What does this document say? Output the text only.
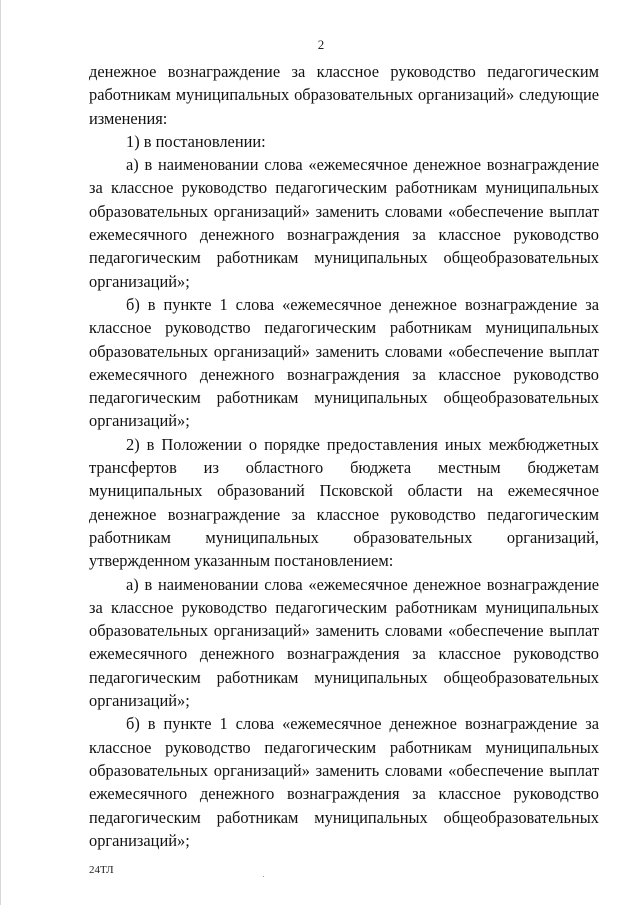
2

денежное вознаграждение за классное руководство педагогическим работникам муниципальных образовательных организаций» следующие изменения:

1) в постановлении:

а) в наименовании слова «ежемесячное денежное вознаграждение за классное руководство педагогическим работникам муниципальных образовательных организаций» заменить словами «обеспечение выплат ежемесячного денежного вознаграждения за классное руководство педагогическим работникам муниципальных общеобразовательных организаций»;

б) в пункте 1 слова «ежемесячное денежное вознаграждение за классное руководство педагогическим работникам муниципальных образовательных организаций» заменить словами «обеспечение выплат ежемесячного денежного вознаграждения за классное руководство педагогическим работникам муниципальных общеобразовательных организаций»;

2) в Положении о порядке предоставления иных межбюджетных трансфертов из областного бюджета местным бюджетам муниципальных образований Псковской области на ежемесячное денежное вознаграждение за классное руководство педагогическим работникам муниципальных образовательных организаций, утвержденном указанным постановлением:

а) в наименовании слова «ежемесячное денежное вознаграждение за классное руководство педагогическим работникам муниципальных образовательных организаций» заменить словами «обеспечение выплат ежемесячного денежного вознаграждения за классное руководство педагогическим работникам муниципальных общеобразовательных организаций»;

б) в пункте 1 слова «ежемесячное денежное вознаграждение за классное руководство педагогическим работникам муниципальных образовательных организаций» заменить словами «обеспечение выплат ежемесячного денежного вознаграждения за классное руководство педагогическим работникам муниципальных общеобразовательных организаций»;

24ТЛ
